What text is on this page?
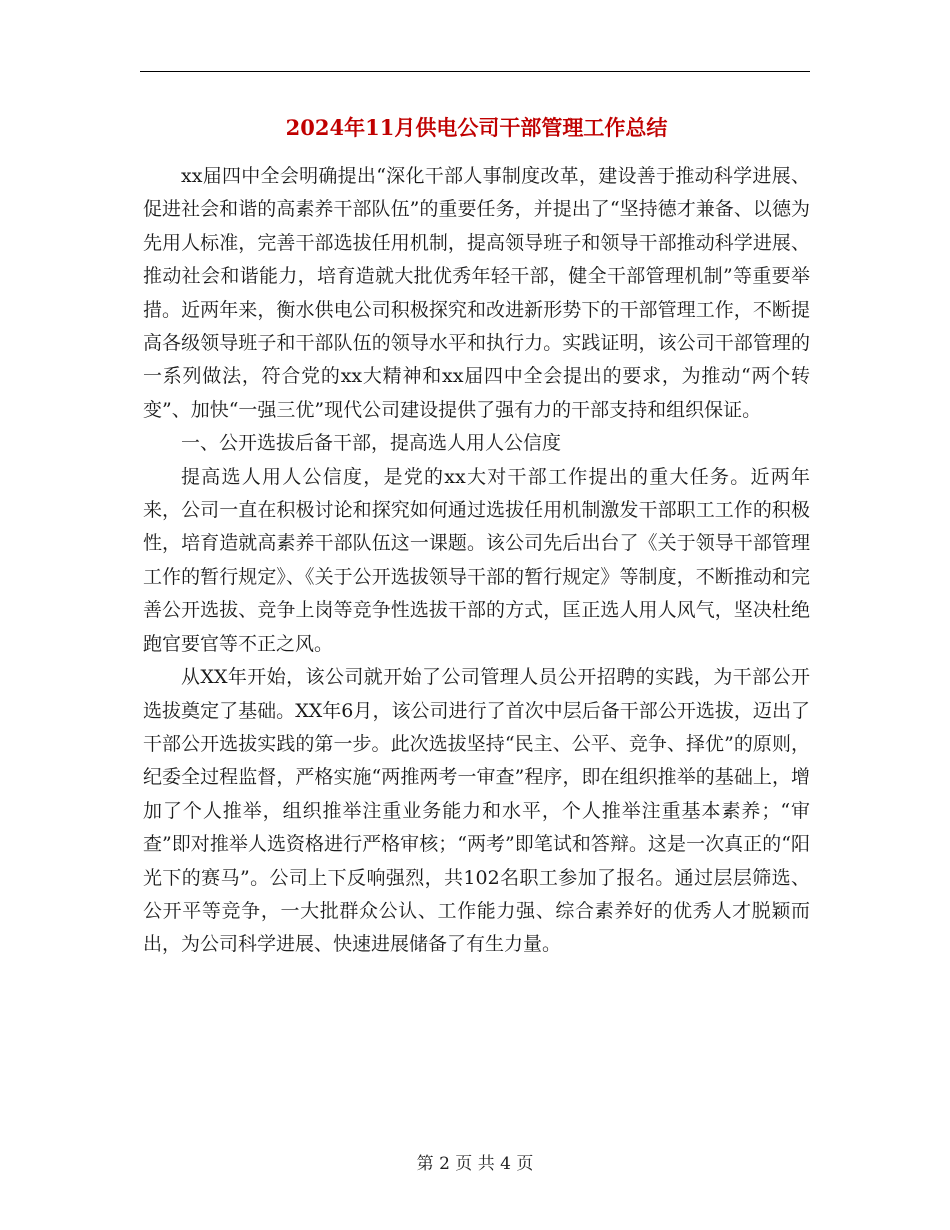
2024年11月供电公司干部管理工作总结

xx届四中全会明确提出“深化干部人事制度改革，建设善于推动科学进展、促进社会和谐的高素养干部队伍”的重要任务，并提出了“坚持德才兼备、以德为先用人标准，完善干部选拔任用机制，提高领导班子和领导干部推动科学进展、推动社会和谐能力，培育造就大批优秀年轻干部，健全干部管理机制”等重要举措。近两年来，衡水供电公司积极探究和改进新形势下的干部管理工作，不断提高各级领导班子和干部队伍的领导水平和执行力。实践证明，该公司干部管理的一系列做法，符合党的xx大精神和xx届四中全会提出的要求，为推动“两个转变”、加快“一强三优”现代公司建设提供了强有力的干部支持和组织保证。

一、公开选拔后备干部，提高选人用人公信度

提高选人用人公信度，是党的xx大对干部工作提出的重大任务。近两年来，公司一直在积极讨论和探究如何通过选拔任用机制激发干部职工工作的积极性，培育造就高素养干部队伍这一课题。该公司先后出台了《关于领导干部管理工作的暂行规定》、《关于公开选拔领导干部的暂行规定》等制度，不断推动和完善公开选拔、竞争上岗等竞争性选拔干部的方式，匡正选人用人风气，坚决杜绝跑官要官等不正之风。

从XX年开始，该公司就开始了公司管理人员公开招聘的实践，为干部公开选拔奠定了基础。XX年6月，该公司进行了首次中层后备干部公开选拔，迈出了干部公开选拔实践的第一步。此次选拔坚持“民主、公平、竞争、择优”的原则，纪委全过程监督，严格实施“两推两考一审查”程序，即在组织推举的基础上，增加了个人推举，组织推举注重业务能力和水平，个人推举注重基本素养；“审查”即对推举人选资格进行严格审核；“两考”即笔试和答辩。这是一次真正的“阳光下的赛马”。公司上下反响强烈，共102名职工参加了报名。通过层层筛选、公开平等竞争，一大批群众公认、工作能力强、综合素养好的优秀人才脱颖而出，为公司科学进展、快速进展储备了有生力量。

第 2 页 共 4 页
